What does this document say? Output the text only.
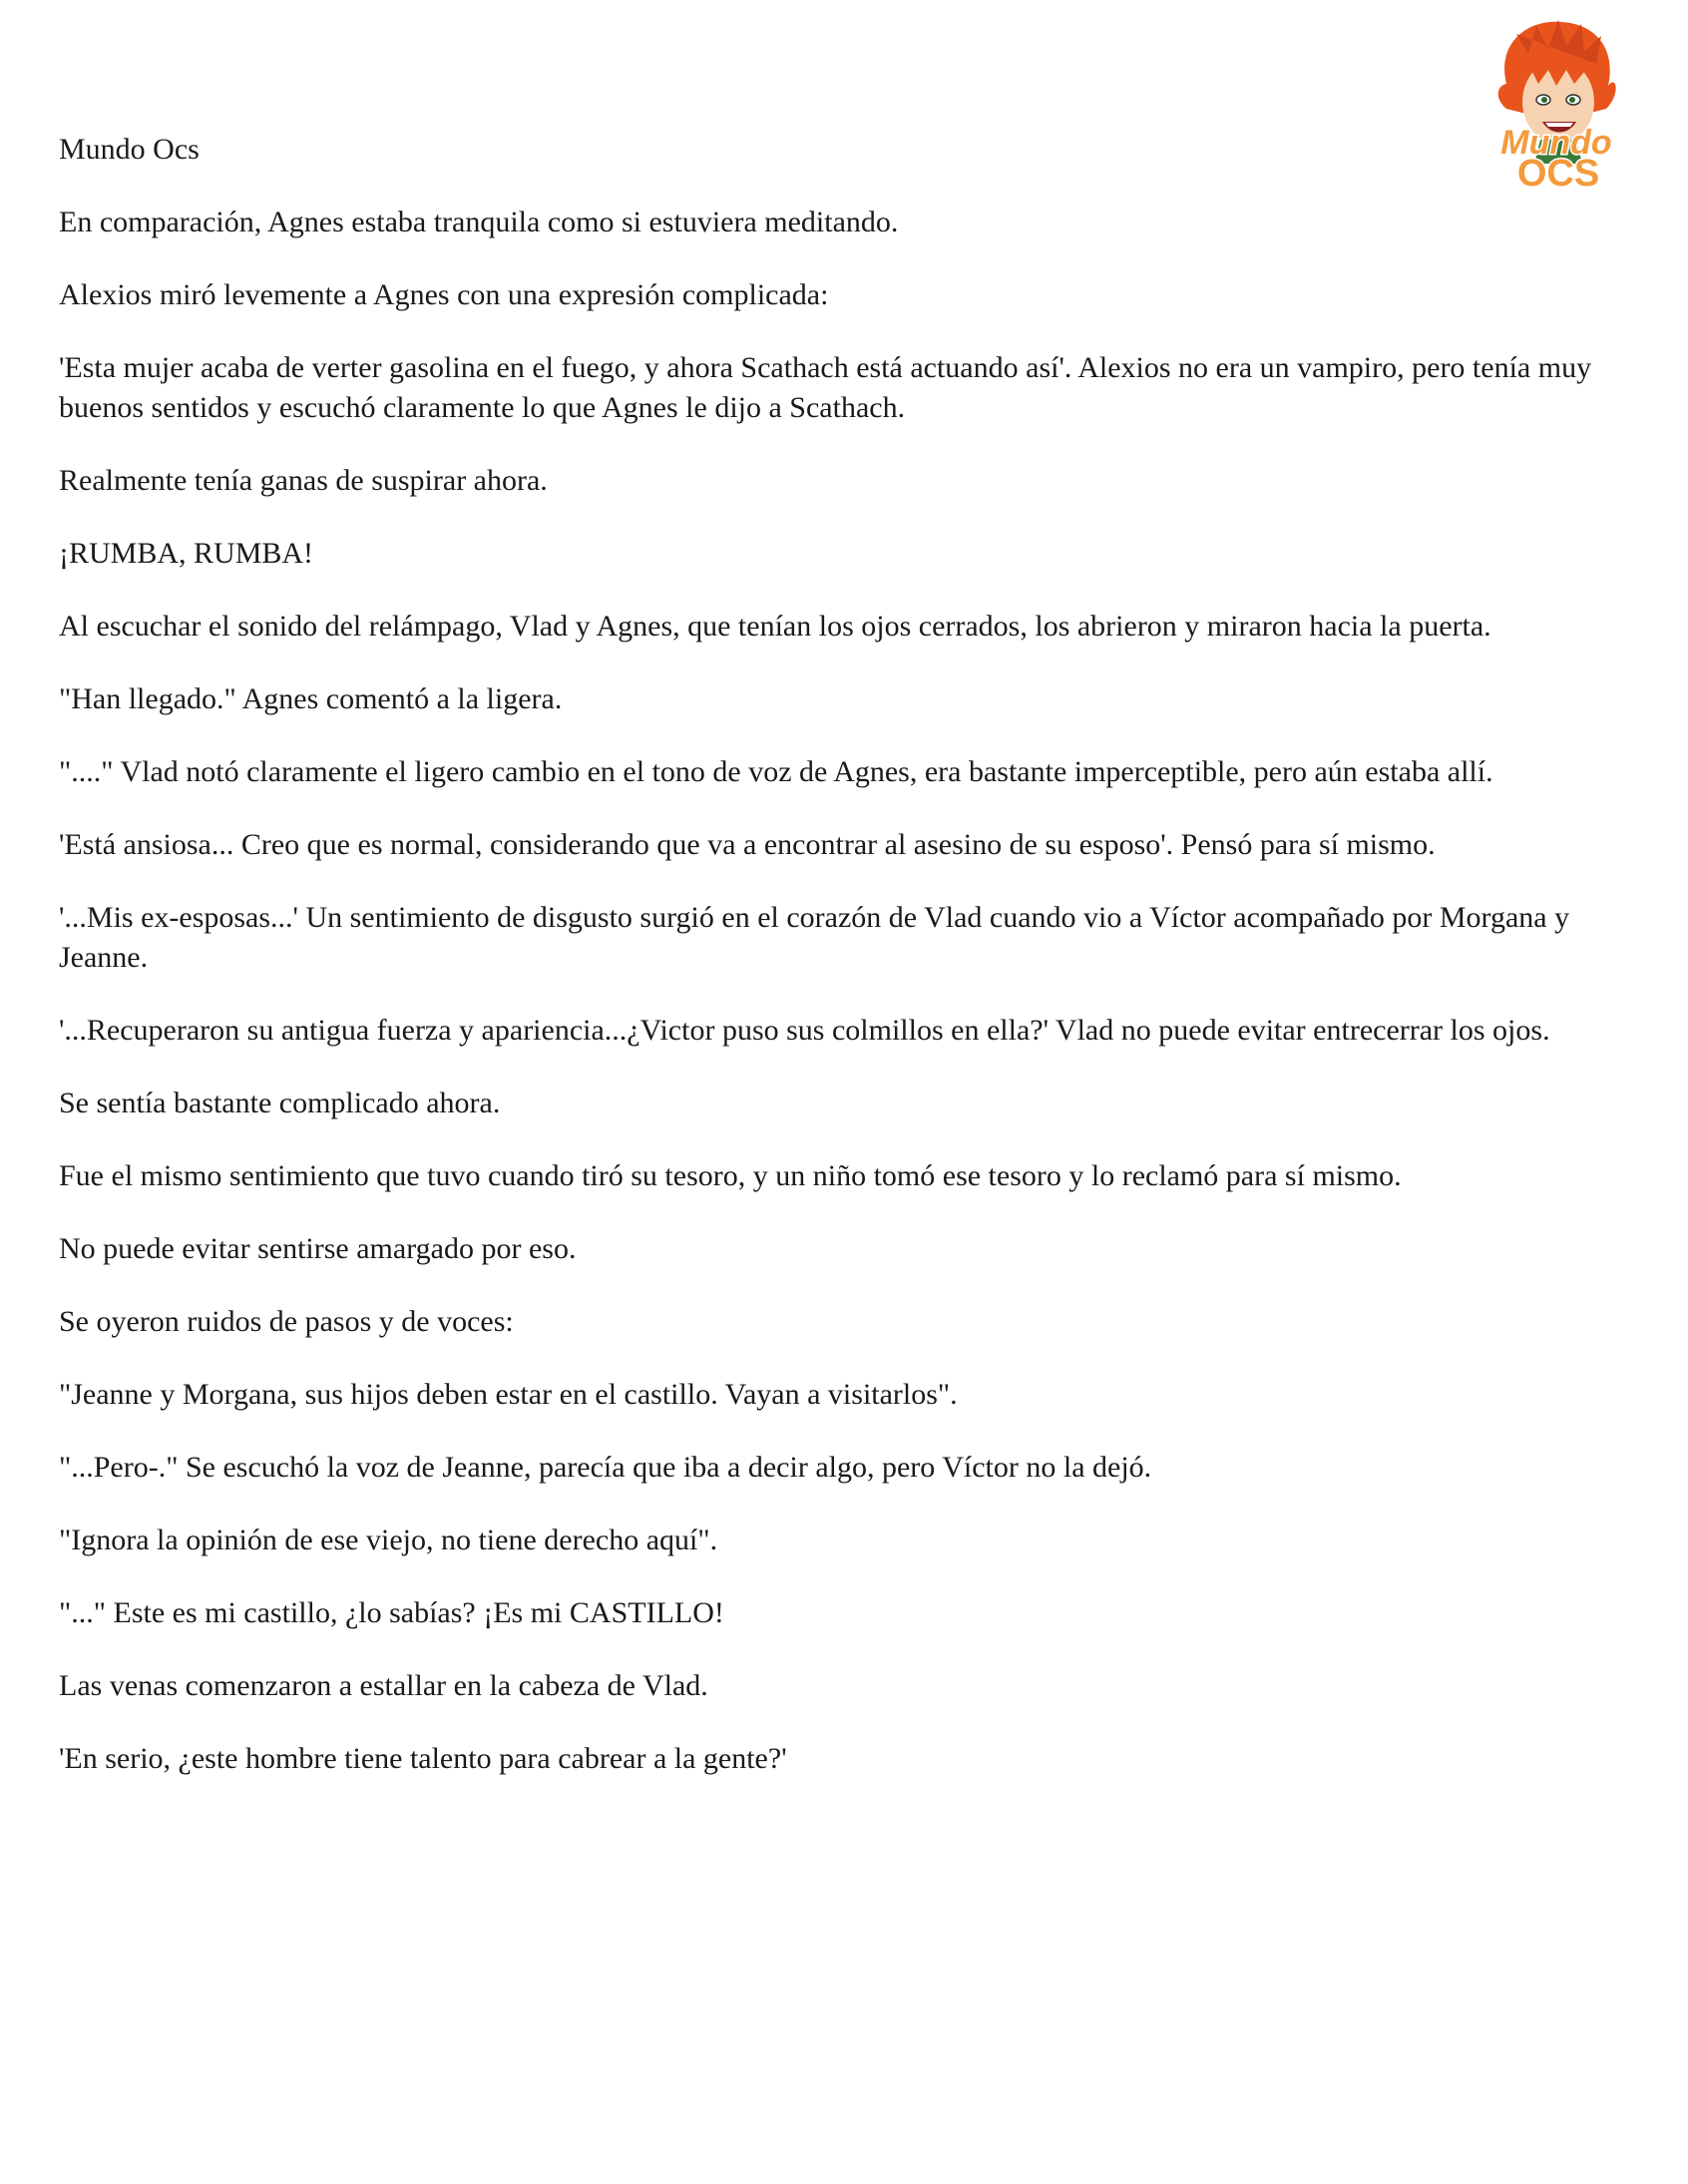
Mundo
OCS

Mundo Ocs

En comparación, Agnes estaba tranquila como si estuviera meditando.

Alexios miró levemente a Agnes con una expresión complicada:

'Esta mujer acaba de verter gasolina en el fuego, y ahora Scathach está actuando así'. Alexios no era un vampiro, pero tenía muy buenos sentidos y escuchó claramente lo que Agnes le dijo a Scathach.

Realmente tenía ganas de suspirar ahora.

¡RUMBA, RUMBA!

Al escuchar el sonido del relámpago, Vlad y Agnes, que tenían los ojos cerrados, los abrieron y miraron hacia la puerta.

"Han llegado." Agnes comentó a la ligera.

"...." Vlad notó claramente el ligero cambio en el tono de voz de Agnes, era bastante imperceptible, pero aún estaba allí.

'Está ansiosa... Creo que es normal, considerando que va a encontrar al asesino de su esposo'. Pensó para sí mismo.

'...Mis ex-esposas...' Un sentimiento de disgusto surgió en el corazón de Vlad cuando vio a Víctor acompañado por Morgana y Jeanne.

'...Recuperaron su antigua fuerza y apariencia...¿Victor puso sus colmillos en ella?' Vlad no puede evitar entrecerrar los ojos.

Se sentía bastante complicado ahora.

Fue el mismo sentimiento que tuvo cuando tiró su tesoro, y un niño tomó ese tesoro y lo reclamó para sí mismo.

No puede evitar sentirse amargado por eso.

Se oyeron ruidos de pasos y de voces:

"Jeanne y Morgana, sus hijos deben estar en el castillo. Vayan a visitarlos".

"...Pero-." Se escuchó la voz de Jeanne, parecía que iba a decir algo, pero Víctor no la dejó.

"Ignora la opinión de ese viejo, no tiene derecho aquí".

"..." Este es mi castillo, ¿lo sabías? ¡Es mi CASTILLO!

Las venas comenzaron a estallar en la cabeza de Vlad.

'En serio, ¿este hombre tiene talento para cabrear a la gente?'
